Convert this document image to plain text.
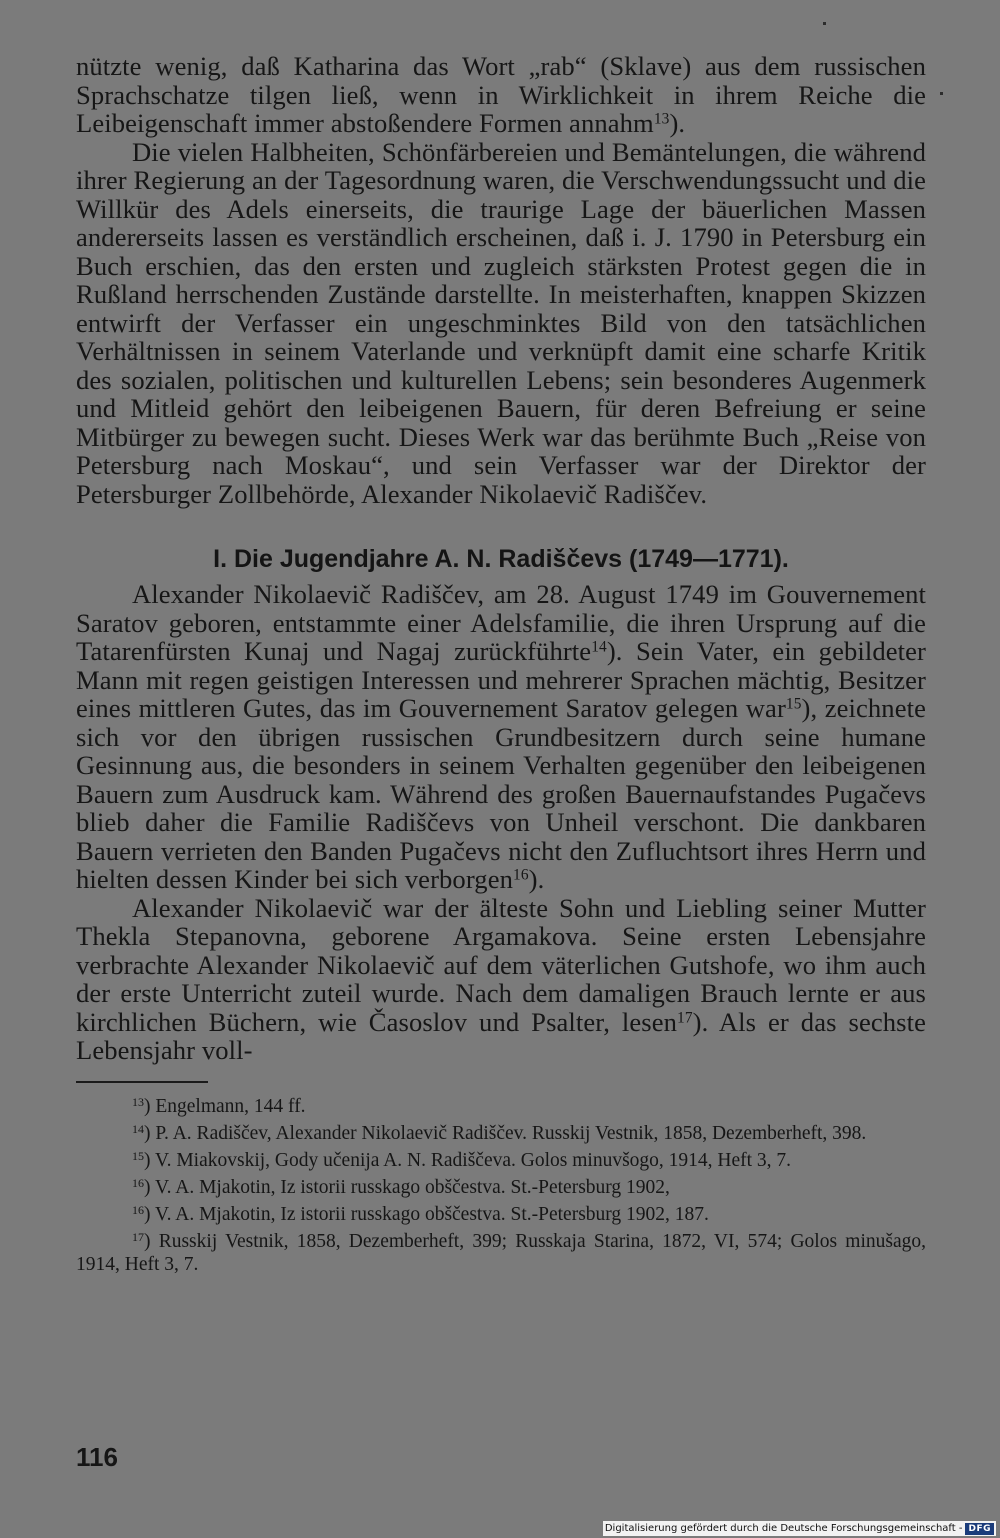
nützte wenig, daß Katharina das Wort „rab“ (Sklave) aus dem russischen Sprachschatze tilgen ließ, wenn in Wirklichkeit in ihrem Reiche die Leibeigenschaft immer abstoßendere Formen annahm$^{13}$).

Die vielen Halbheiten, Schönfärbereien und Bemäntelungen, die während ihrer Regierung an der Tagesordnung waren, die Verschwendungssucht und die Willkür des Adels einerseits, die traurige Lage der bäuerlichen Massen andererseits lassen es verständlich erscheinen, daß i. J. 1790 in Petersburg ein Buch erschien, das den ersten und zugleich stärksten Protest gegen die in Rußland herrschenden Zustände darstellte. In meisterhaften, knappen Skizzen entwirft der Verfasser ein ungeschminktes Bild von den tatsächlichen Verhältnissen in seinem Vaterlande und verknüpft damit eine scharfe Kritik des sozialen, politischen und kulturellen Lebens; sein besonderes Augenmerk und Mitleid gehört den leibeigenen Bauern, für deren Befreiung er seine Mitbürger zu bewegen sucht. Dieses Werk war das berühmte Buch „Reise von Petersburg nach Moskau“, und sein Verfasser war der Direktor der Petersburger Zollbehörde, Alexander Nikolaevič Radiščev.

I. Die Jugendjahre A. N. Radiščevs (1749—1771).

Alexander Nikolaevič Radiščev, am 28. August 1749 im Gouvernement Saratov geboren, entstammte einer Adelsfamilie, die ihren Ursprung auf die Tatarenfürsten Kunaj und Nagaj zurückführte$^{14}$). Sein Vater, ein gebildeter Mann mit regen geistigen Interessen und mehrerer Sprachen mächtig, Besitzer eines mittleren Gutes, das im Gouvernement Saratov gelegen war$^{15}$), zeichnete sich vor den übrigen russischen Grundbesitzern durch seine humane Gesinnung aus, die besonders in seinem Verhalten gegenüber den leibeigenen Bauern zum Ausdruck kam. Während des großen Bauernaufstandes Pugačevs blieb daher die Familie Radiščevs von Unheil verschont. Die dankbaren Bauern verrieten den Banden Pugačevs nicht den Zufluchtsort ihres Herrn und hielten dessen Kinder bei sich verborgen$^{16}$).

Alexander Nikolaevič war der älteste Sohn und Liebling seiner Mutter Thekla Stepanovna, geborene Argamakova. Seine ersten Lebensjahre verbrachte Alexander Nikolaevič auf dem väterlichen Gutshofe, wo ihm auch der erste Unterricht zuteil wurde. Nach dem damaligen Brauch lernte er aus kirchlichen Büchern, wie Časoslov und Psalter, lesen$^{17}$). Als er das sechste Lebensjahr voll-

$^{13}$) Engelmann, 144 ff.

$^{14}$) P. A. Radiščev, Alexander Nikolaevič Radiščev. Russkij Vestnik, 1858, Dezemberheft, 398.

$^{15}$) V. Miakovskij, Gody učenija A. N. Radiščeva. Golos minuvšogo, 1914, Heft 3, 7.

$^{16}$) V. A. Mjakotin, Iz istorii russkago obščestva. St.-Petersburg 1902,

$^{16}$) V. A. Mjakotin, Iz istorii russkago obščestva. St.-Petersburg 1902, 187.

$^{17}$) Russkij Vestnik, 1858, Dezemberheft, 399; Russkaja Starina, 1872, VI, 574; Golos minušago, 1914, Heft 3, 7.

116
Digitalisierung gefördert durch die Deutsche Forschungsgemeinschaft - DFG
